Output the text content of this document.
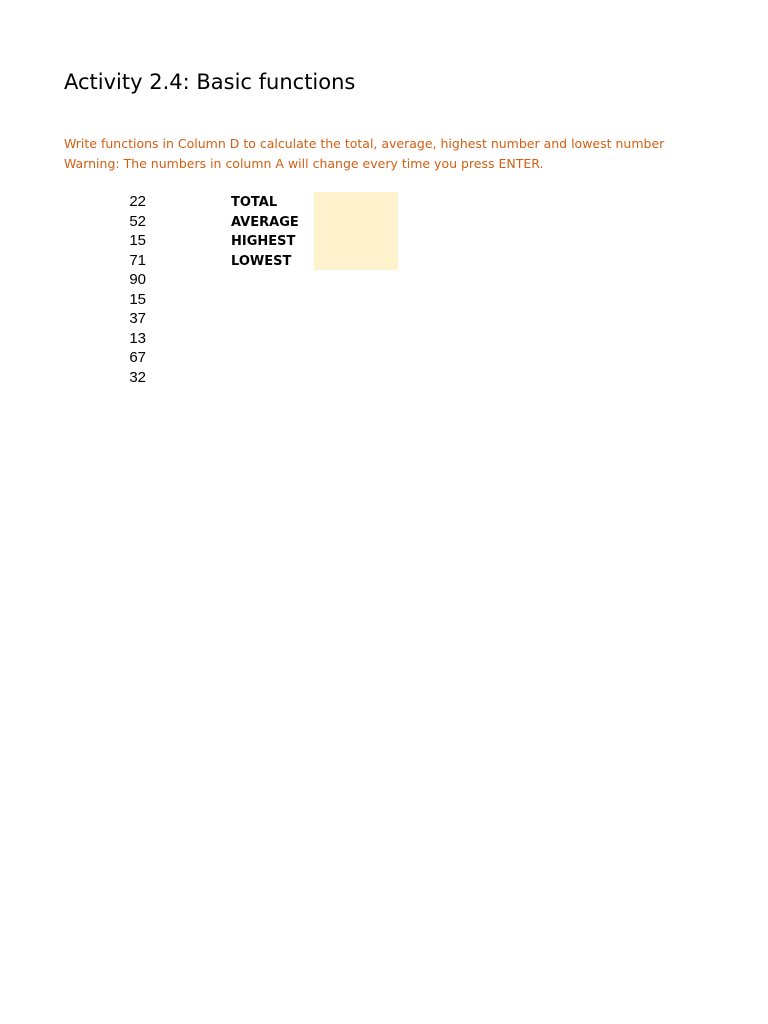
Activity 2.4: Basic functions
Write functions in Column D to calculate the total, average, highest number and lowest number
Warning: The numbers in column A will change every time you press ENTER.
22
52
15
71
90
15
37
13
67
32
TOTAL
AVERAGE
HIGHEST
LOWEST
